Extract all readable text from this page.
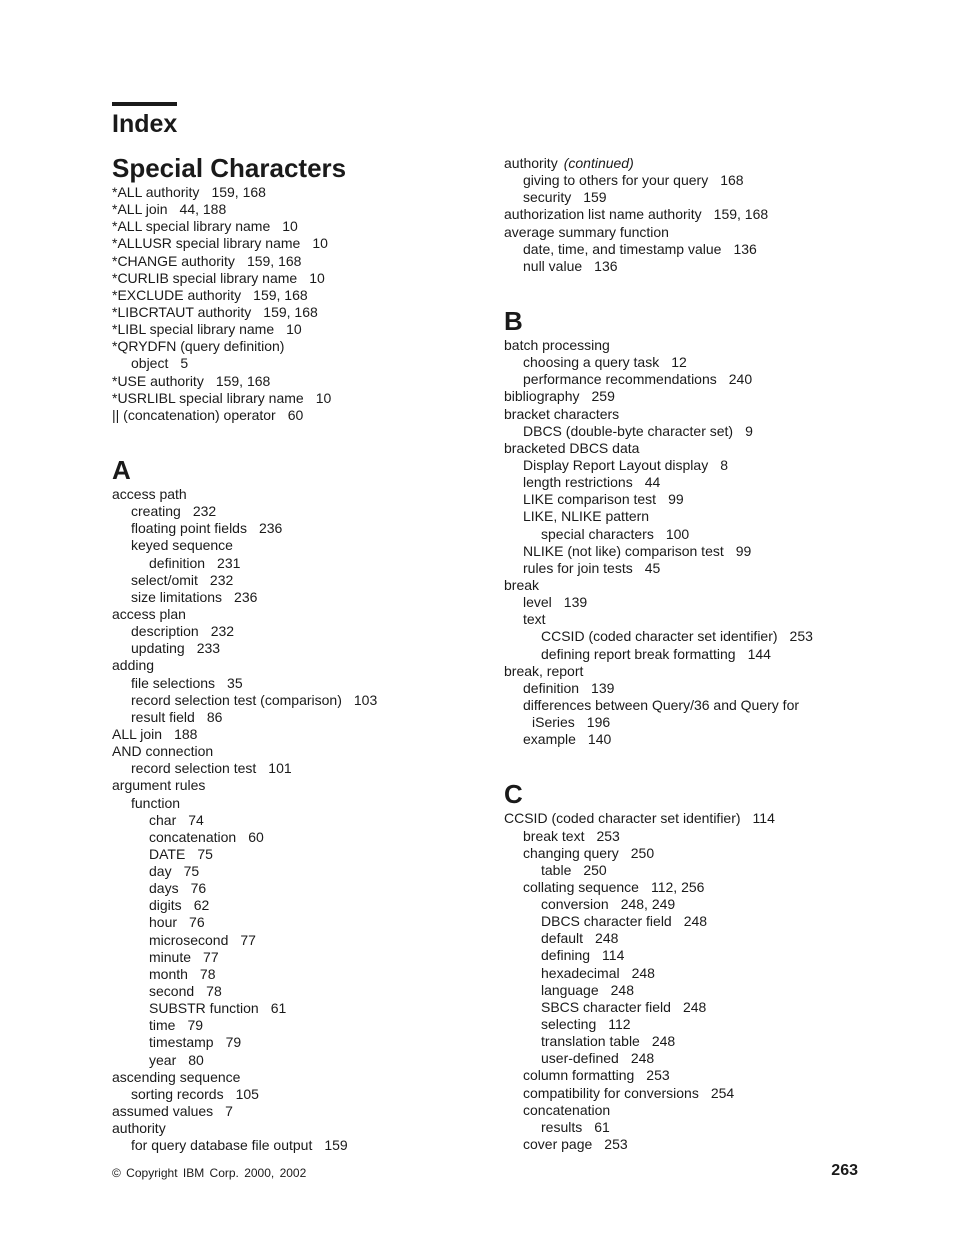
Index
Special Characters
*ALL authority 159, 168
*ALL join 44, 188
*ALL special library name 10
*ALLUSR special library name 10
*CHANGE authority 159, 168
*CURLIB special library name 10
*EXCLUDE authority 159, 168
*LIBCRTAUT authority 159, 168
*LIBL special library name 10
*QRYDFN (query definition)
object 5
*USE authority 159, 168
*USRLIBL special library name 10
|| (concatenation) operator 60
A
access path
creating 232
floating point fields 236
keyed sequence
definition 231
select/omit 232
size limitations 236
access plan
description 232
updating 233
adding
file selections 35
record selection test (comparison) 103
result field 86
ALL join 188
AND connection
record selection test 101
argument rules
function
char 74
concatenation 60
DATE 75
day 75
days 76
digits 62
hour 76
microsecond 77
minute 77
month 78
second 78
SUBSTR function 61
time 79
timestamp 79
year 80
ascending sequence
sorting records 105
assumed values 7
authority
for query database file output 159
authority (continued)
giving to others for your query 168
security 159
authorization list name authority 159, 168
average summary function
date, time, and timestamp value 136
null value 136
B
batch processing
choosing a query task 12
performance recommendations 240
bibliography 259
bracket characters
DBCS (double-byte character set) 9
bracketed DBCS data
Display Report Layout display 8
length restrictions 44
LIKE comparison test 99
LIKE, NLIKE pattern
special characters 100
NLIKE (not like) comparison test 99
rules for join tests 45
break
level 139
text
CCSID (coded character set identifier) 253
defining report break formatting 144
break, report
definition 139
differences between Query/36 and Query for
iSeries 196
example 140
C
CCSID (coded character set identifier) 114
break text 253
changing query 250
table 250
collating sequence 112, 256
conversion 248, 249
DBCS character field 248
default 248
defining 114
hexadecimal 248
language 248
SBCS character field 248
selecting 112
translation table 248
user-defined 248
column formatting 253
compatibility for conversions 254
concatenation
results 61
cover page 253
© Copyright IBM Corp. 2000, 2002	263
